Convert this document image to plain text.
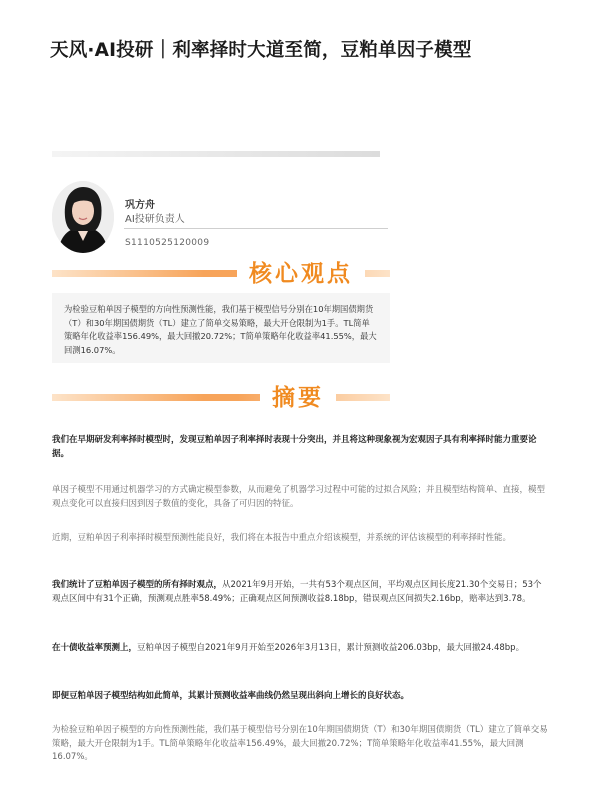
天风·AI投研｜利率择时大道至简，豆粕单因子模型
巩方舟
AI投研负责人
S1110525120009
核心观点
为检验豆粕单因子模型的方向性预测性能，我们基于模型信号分别在10年期国债期货（T）和30年期国债期货（TL）建立了简单交易策略，最大开仓限制为1手。TL简单策略年化收益率156.49%，最大回撤20.72%；T简单策略年化收益率41.55%，最大回测16.07%。
摘要
我们在早期研发利率择时模型时，发现豆粕单因子利率择时表现十分突出，并且将这种现象视为宏观因子具有利率择时能力重要论据。
单因子模型不用通过机器学习的方式确定模型参数，从而避免了机器学习过程中可能的过拟合风险；并且模型结构简单、直接，模型观点变化可以直接归因到因子数值的变化，具备了可归因的特征。
近期，豆粕单因子利率择时模型预测性能良好，我们将在本报告中重点介绍该模型，并系统的评估该模型的利率择时性能。
我们统计了豆粕单因子模型的所有择时观点，从2021年9月开始，一共有53个观点区间，平均观点区间长度21.30个交易日；53个观点区间中有31个正确，预测观点胜率58.49%；正确观点区间预测收益8.18bp，错误观点区间损失2.16bp，赔率达到3.78。
在十债收益率预测上，豆粕单因子模型自2021年9月开始至2026年3月13日，累计预测收益206.03bp，最大回撤24.48bp。
即便豆粕单因子模型结构如此简单，其累计预测收益率曲线仍然呈现出斜向上增长的良好状态。
为检验豆粕单因子模型的方向性预测性能，我们基于模型信号分别在10年期国债期货（T）和30年期国债期货（TL）建立了简单交易策略，最大开仓限制为1手。TL简单策略年化收益率156.49%，最大回撤20.72%；T简单策略年化收益率41.55%，最大回测16.07%。
